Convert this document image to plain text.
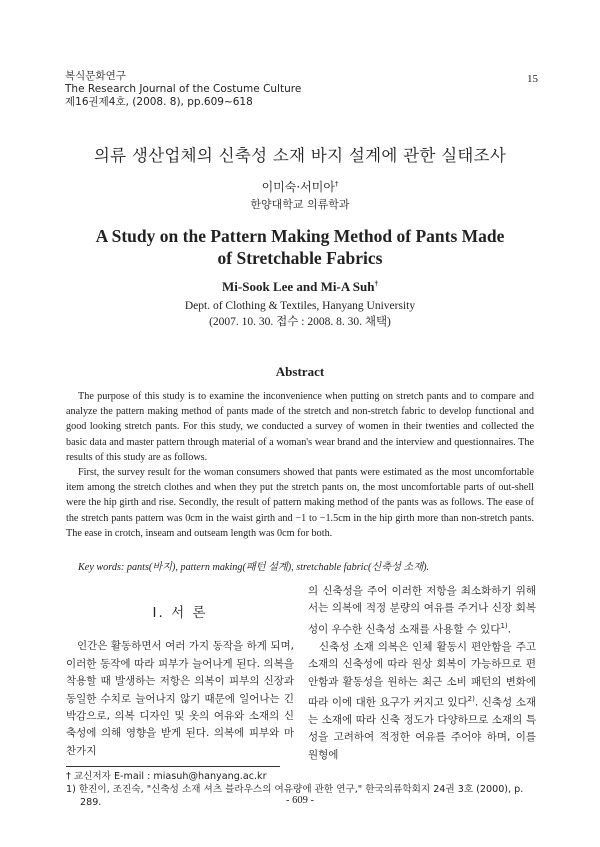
복식문화연구
The Research Journal of the Costume Culture
제16권제4호, (2008. 8), pp.609~618
15
의류 생산업체의 신축성 소재 바지 설계에 관한 실태조사
이미숙·서미아†
한양대학교 의류학과
A Study on the Pattern Making Method of Pants Made
of Stretchable Fabrics
Mi-Sook Lee and Mi-A Suh†
Dept. of Clothing & Textiles, Hanyang University
(2007. 10. 30. 접수 : 2008. 8. 30. 채택)
Abstract

The purpose of this study is to examine the inconvenience when putting on stretch pants and to compare and analyze the pattern making method of pants made of the stretch and non-stretch fabric to develop functional and good looking stretch pants. For this study, we conducted a survey of women in their twenties and collected the basic data and master pattern through material of a woman's wear brand and the interview and questionnaires. The results of this study are as follows.

First, the survey result for the woman consumers showed that pants were estimated as the most uncomfortable item among the stretch clothes and when they put the stretch pants on, the most uncomfortable parts of out-shell were the hip girth and rise. Secondly, the result of pattern making method of the pants was as follows. The ease of the stretch pants pattern was 0cm in the waist girth and −1 to −1.5cm in the hip girth more than non-stretch pants. The ease in crotch, inseam and outseam length was 0cm for both.

Key words: pants(바지), pattern making(패턴 설계), stretchable fabric(신축성 소재).
Ⅰ. 서 론

인간은 활동하면서 여러 가지 동작을 하게 되며, 이러한 동작에 따라 피부가 늘어나게 된다. 의복을 착용할 때 발생하는 저항은 의복이 피부의 신장과 동일한 수치로 늘어나지 않기 때문에 일어나는 긴박감으로, 의복 디자인 및 옷의 여유와 소재의 신축성에 의해 영향을 받게 된다. 의복에 피부와 마찬가지

의 신축성을 주어 이러한 저항을 최소화하기 위해서는 의복에 적정 분량의 여유를 주거나 신장 회복성이 우수한 신축성 소재를 사용할 수 있다$^{1)}$.

신축성 소재 의복은 인체 활동시 편안함을 주고 소재의 신축성에 따라 원상 회복이 가능하므로 편안함과 활동성을 원하는 최근 소비 패턴의 변화에 따라 이에 대한 요구가 커지고 있다$^{2)}$. 신축성 소재는 소재에 따라 신축 정도가 다양하므로 소재의 특성을 고려하여 적정한 여유를 주어야 하며, 이를 원형에

† 교신저자 E-mail : miasuh@hanyang.ac.kr
1) 한진이, 조진숙, "신축성 소재 셔츠 블라우스의 여유량에 관한 연구," 한국의류학회지 24권 3호 (2000), p.
289.	- 609 -
